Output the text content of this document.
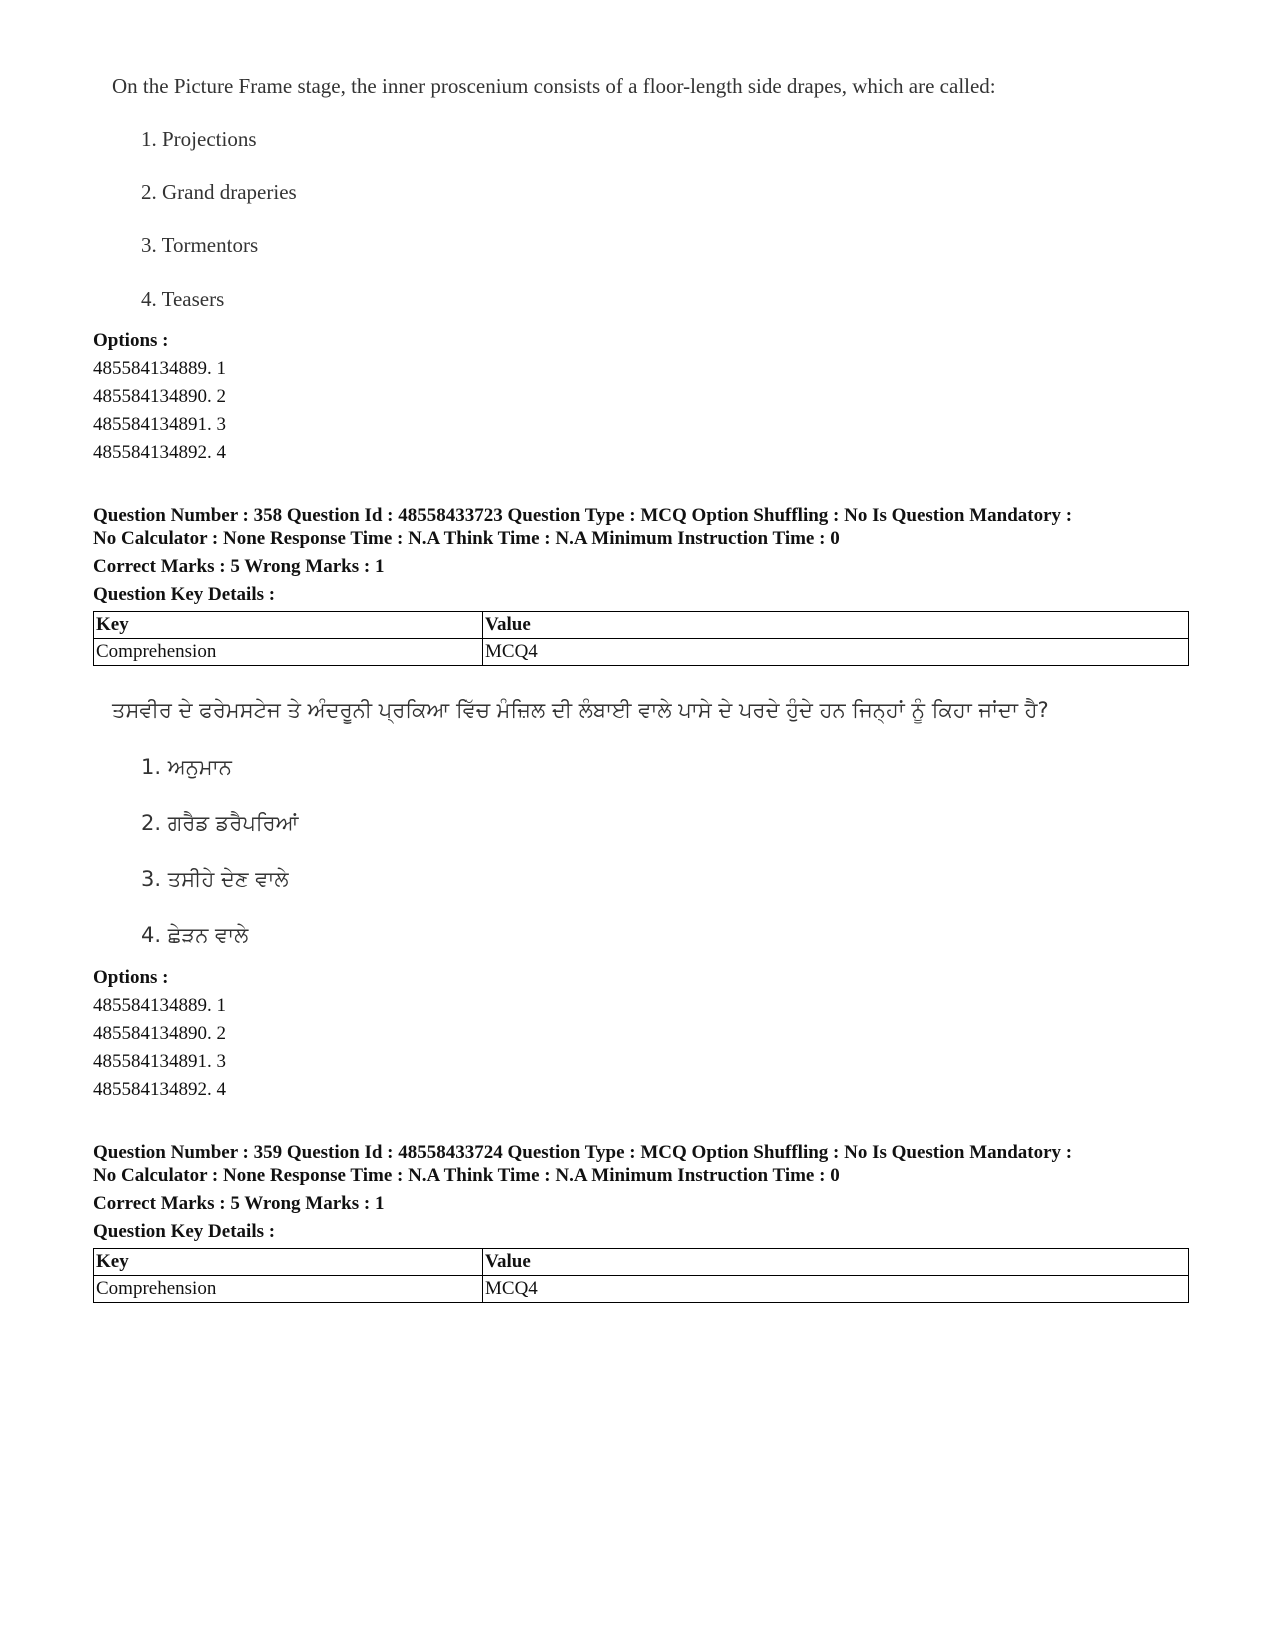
On the Picture Frame stage, the inner proscenium consists of a floor-length side drapes, which are called:
1. Projections
2. Grand draperies
3. Tormentors
4. Teasers
Options :
485584134889. 1
485584134890. 2
485584134891. 3
485584134892. 4
Question Number : 358 Question Id : 48558433723 Question Type : MCQ Option Shuffling : No Is Question Mandatory :
No Calculator : None Response Time : N.A Think Time : N.A Minimum Instruction Time : 0
Correct Marks : 5 Wrong Marks : 1
Question Key Details :
Key	Value
Comprehension	MCQ4
ਤਸਵੀਰ ਦੇ ਫਰੇਮਸਟੇਜ ਤੇ ਅੰਦਰੂਨੀ ਪ੍ਰਕਿਆ ਵਿੱਚ ਮੰਜ਼ਿਲ ਦੀ ਲੰਬਾਈ ਵਾਲੇ ਪਾਸੇ ਦੇ ਪਰਦੇ ਹੁੰਦੇ ਹਨ ਜਿਨ੍ਹਾਂ ਨੂੰ ਕਿਹਾ ਜਾਂਦਾ ਹੈ?
1. ਅਨੁਮਾਨ
2. ਗਰੈਡ ਡਰੈਪਰਿਆਂ
3. ਤਸੀਹੇ ਦੇਣ ਵਾਲੇ
4. ਛੇੜਨ ਵਾਲੇ
Options :
485584134889. 1
485584134890. 2
485584134891. 3
485584134892. 4
Question Number : 359 Question Id : 48558433724 Question Type : MCQ Option Shuffling : No Is Question Mandatory :
No Calculator : None Response Time : N.A Think Time : N.A Minimum Instruction Time : 0
Correct Marks : 5 Wrong Marks : 1
Question Key Details :
Key	Value
Comprehension	MCQ4
